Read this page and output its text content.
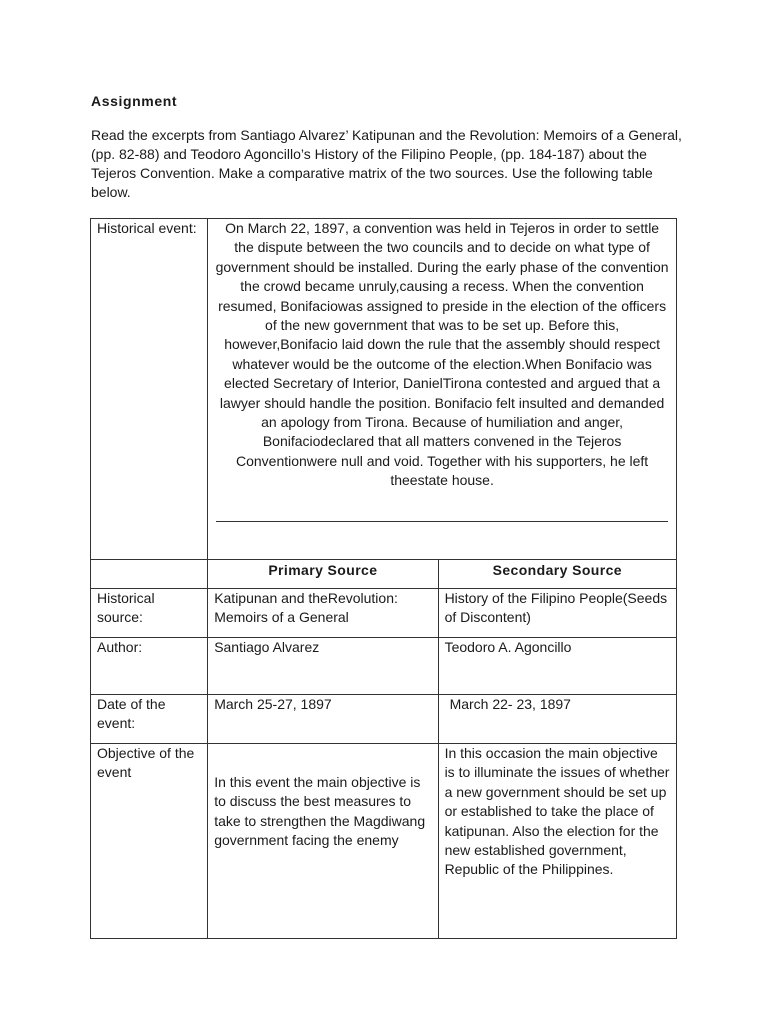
Assignment
Read the excerpts from Santiago Alvarez’ Katipunan and the Revolution: Memoirs of a General, (pp. 82-88) and Teodoro Agoncillo’s History of the Filipino People, (pp. 184-187) about the Tejeros Convention. Make a comparative matrix of the two sources. Use the following table below.
Historical event:	On March 22, 1897, a convention was held in Tejeros in order to settle the dispute between the two councils and to decide on what type of government should be installed. During the early phase of the convention the crowd became unruly,causing a recess. When the convention resumed, Bonifaciowas assigned to preside in the election of the officers of the new government that was to be set up. Before this, however,Bonifacio laid down the rule that the assembly should respect whatever would be the outcome of the election.When Bonifacio was elected Secretary of Interior, DanielTirona contested and argued that a lawyer should handle the position. Bonifacio felt insulted and demanded an apology from Tirona. Because of humiliation and anger, Bonifaciodeclared that all matters convened in the Tejeros Conventionwere null and void. Together with his supporters, he left theestate house.	

	Primary Source	Secondary Source
Historical source:	Katipunan and theRevolution: Memoirs of a General	History of the Filipino People(Seeds of Discontent)
Author:	Santiago Alvarez	Teodoro A. Agoncillo
Date of the event:	March 25-27, 1897	March 22- 23, 1897
Objective of the event	In this event the main objective is to discuss the best measures to take to strengthen the Magdiwang government facing the enemy	In this occasion the main objective is to illuminate the issues of whether a new government should be set up or established to take the place of katipunan. Also the election for the new established government, Republic of the Philippines.
